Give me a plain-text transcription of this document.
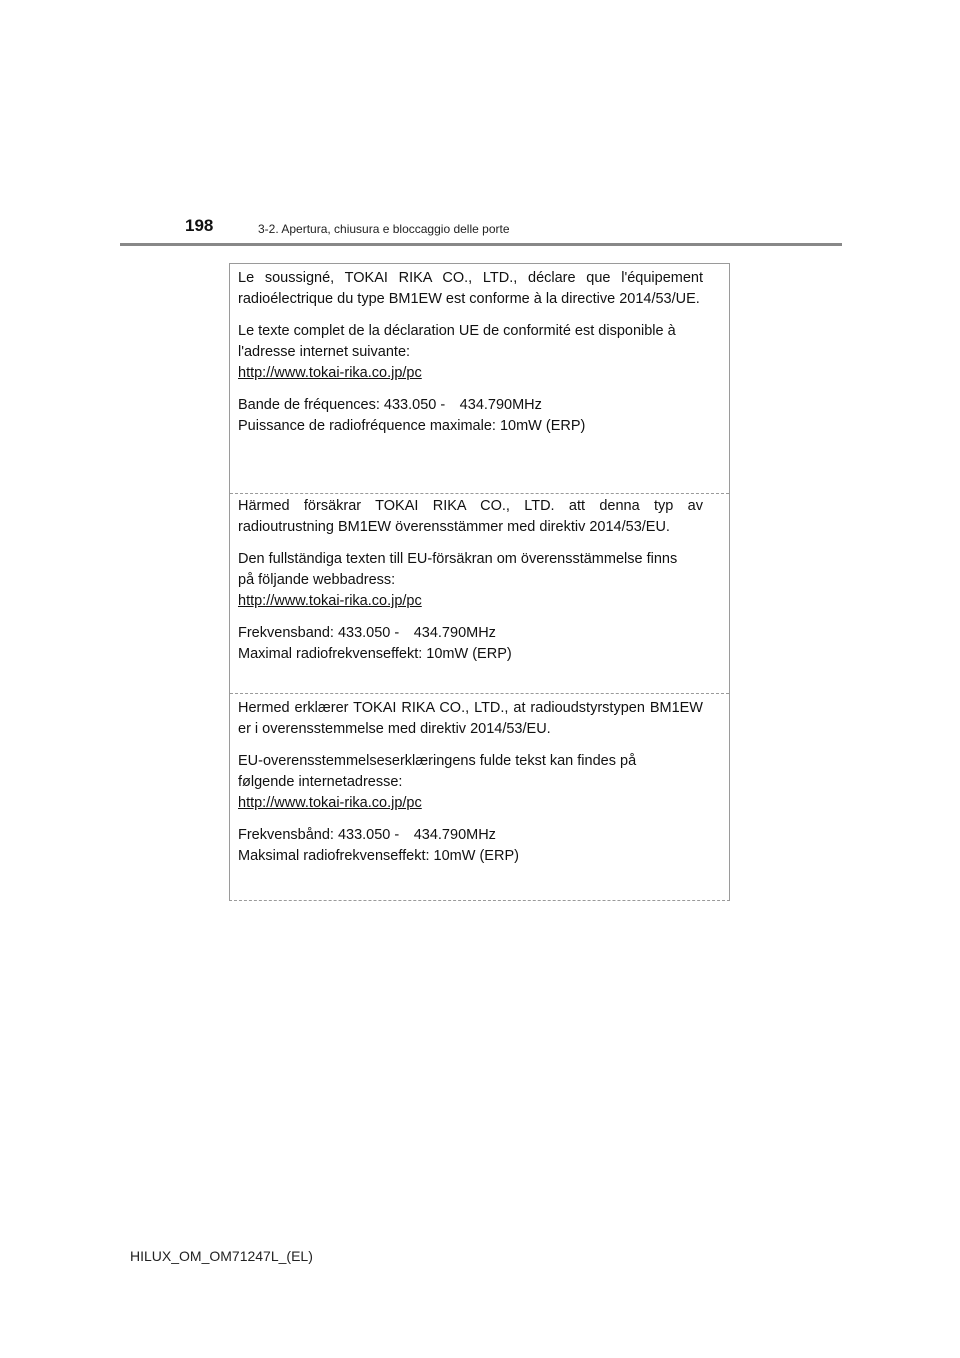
198	3-2. Apertura, chiusura e bloccaggio delle porte

Le soussigné, TOKAI RIKA CO., LTD., déclare que l'équipement radioélectrique du type BM1EW est conforme à la directive 2014/53/UE.

Le texte complet de la déclaration UE de conformité est disponible à
l'adresse internet suivante:
http://www.tokai-rika.co.jp/pc

Bande de fréquences: 433.050 -　434.790MHz

Puissance de radiofréquence maximale: 10mW (ERP)

Härmed försäkrar TOKAI RIKA CO., LTD. att denna typ av radioutrustning BM1EW överensstämmer med direktiv 2014/53/EU.

Den fullständiga texten till EU-försäkran om överensstämmelse finns
på följande webbadress:
http://www.tokai-rika.co.jp/pc

Frekvensband: 433.050 -　434.790MHz

Maximal radiofrekvenseffekt: 10mW (ERP)

Hermed erklærer TOKAI RIKA CO., LTD., at radioudstyrstypen BM1EW er i overensstemmelse med direktiv 2014/53/EU.

EU-overensstemmelseserklæringens fulde tekst kan findes på
følgende internetadresse:
http://www.tokai-rika.co.jp/pc

Frekvensbånd: 433.050 -　434.790MHz

Maksimal radiofrekvenseffekt: 10mW (ERP)

HILUX_OM_OM71247L_(EL)
